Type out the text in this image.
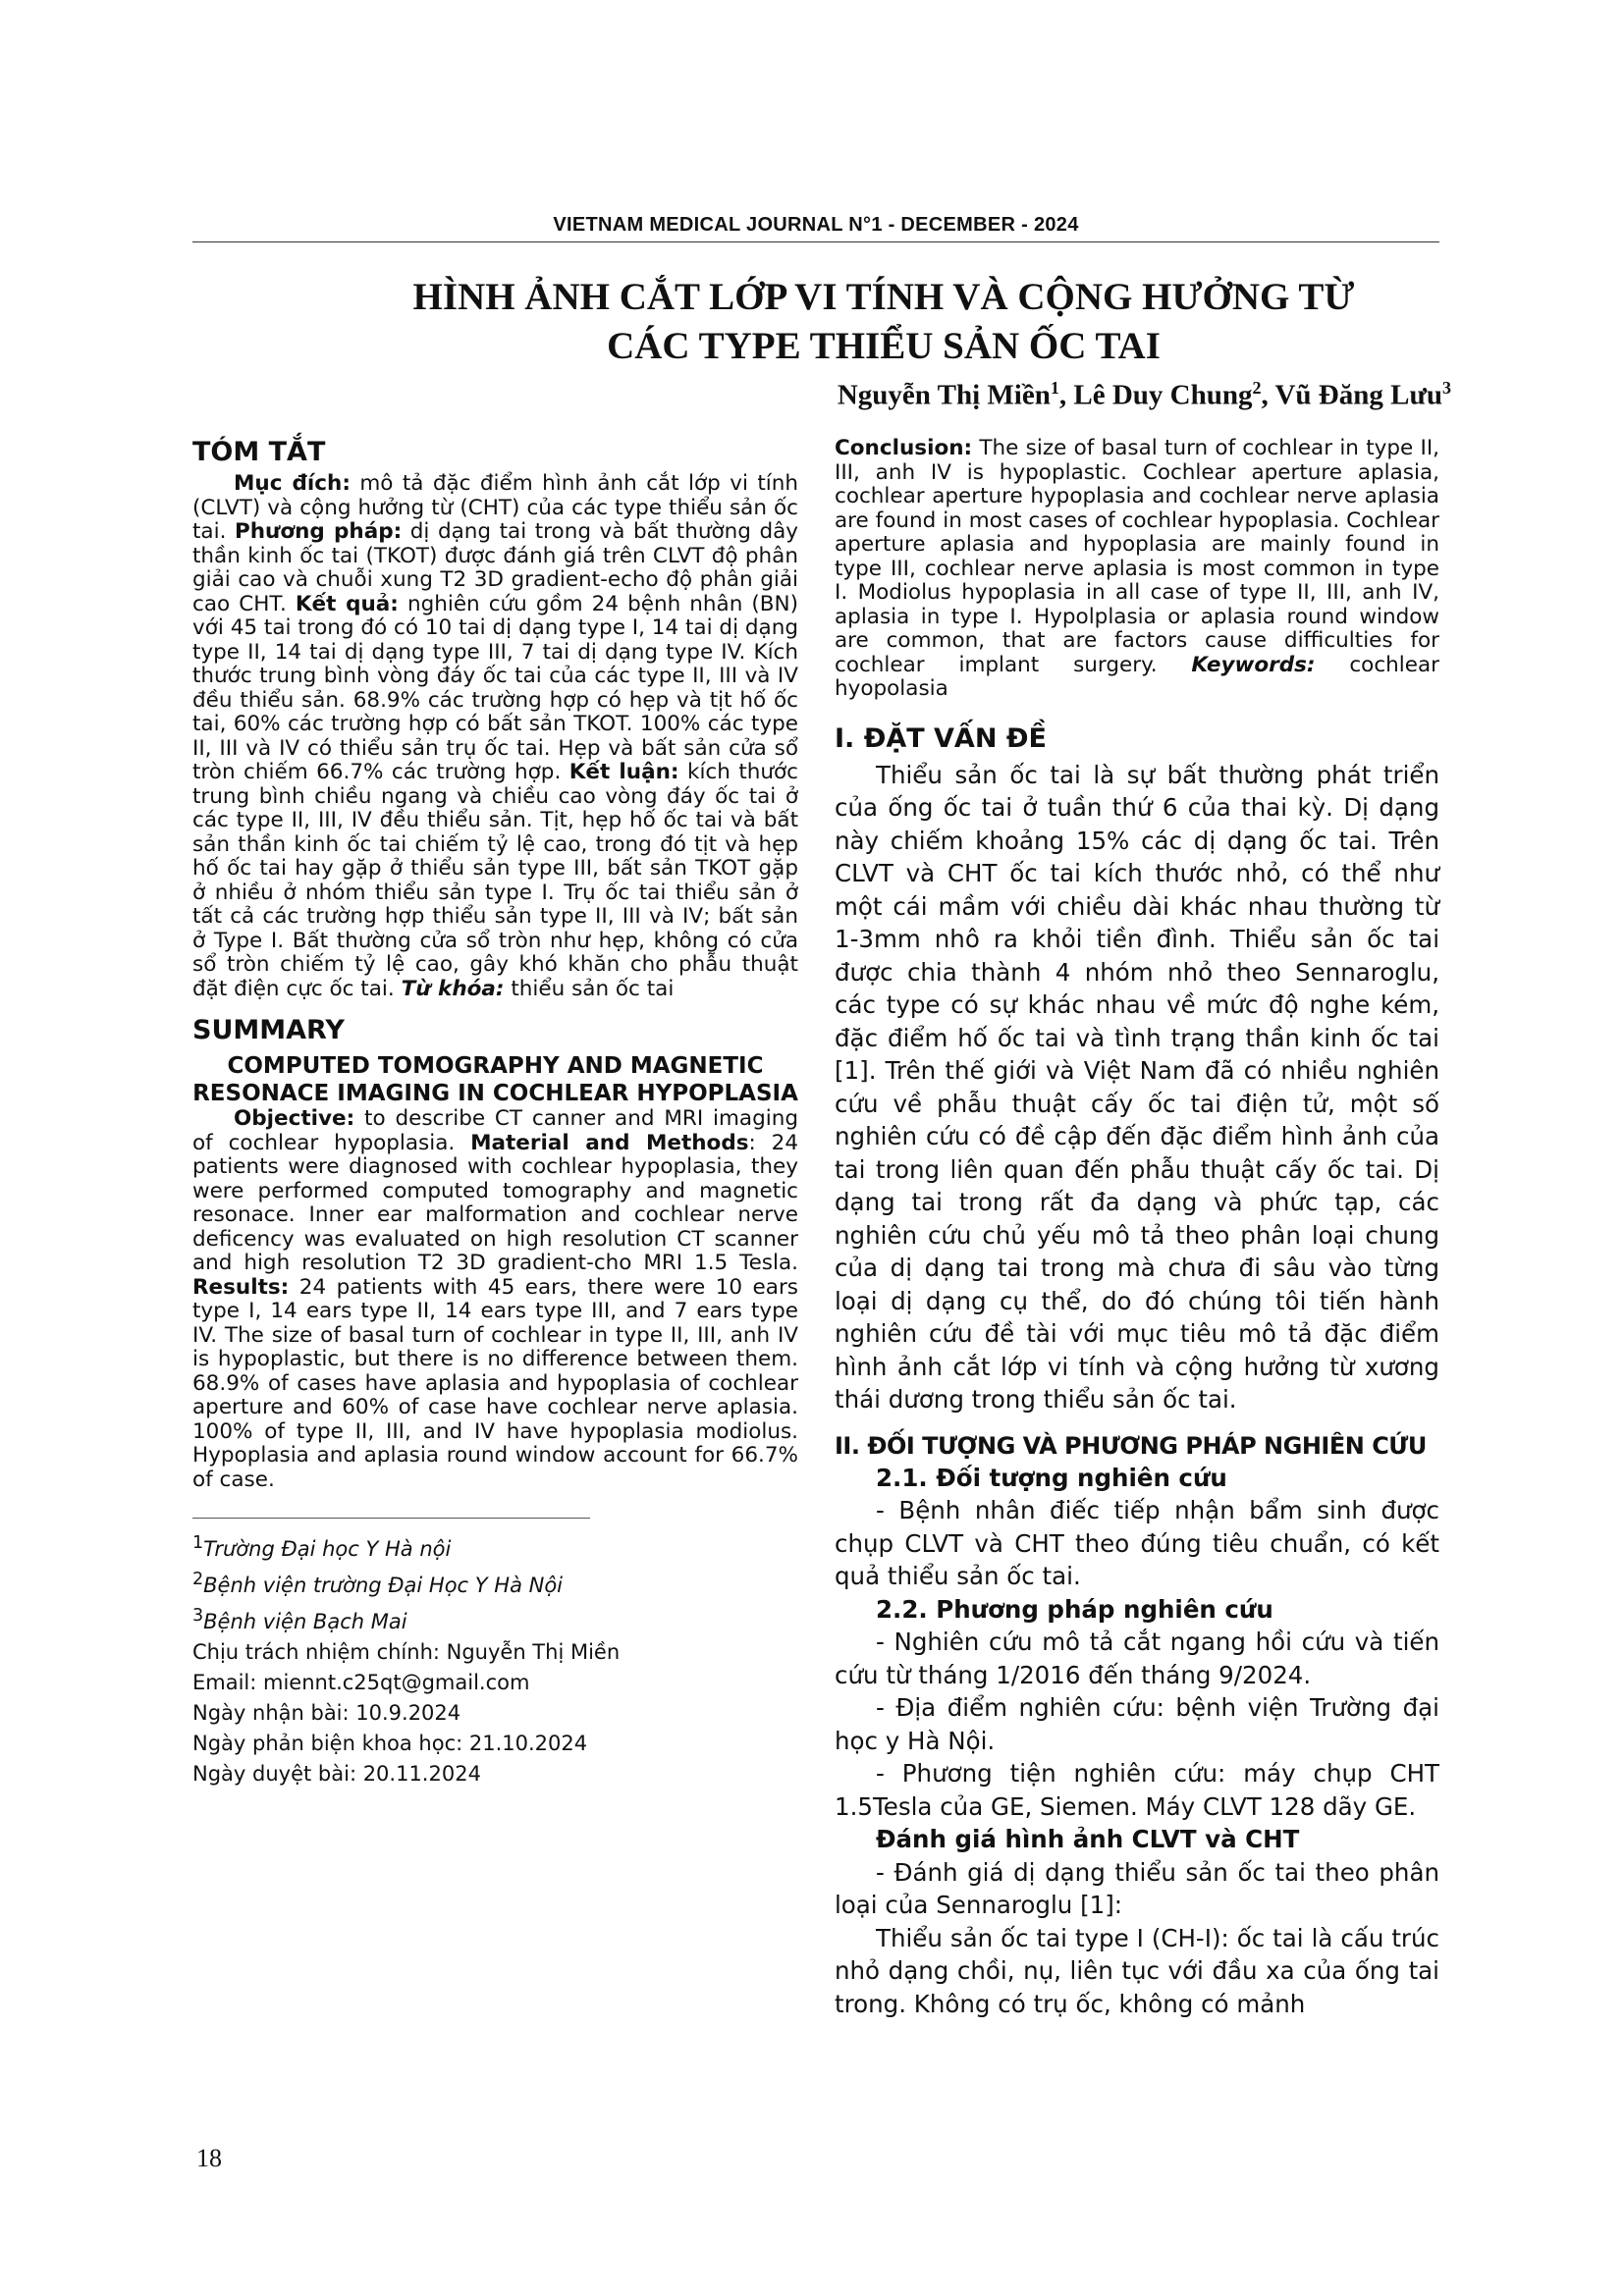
VIETNAM MEDICAL JOURNAL N°1 - DECEMBER - 2024
HÌNH ẢNH CẮT LỚP VI TÍNH VÀ CỘNG HƯỞNG TỪ
CÁC TYPE THIỂU SẢN ỐC TAI
Nguyễn Thị Miền$^1$, Lê Duy Chung$^2$, Vũ Đăng Lưu$^3$

TÓM TẮT

Mục đích: mô tả đặc điểm hình ảnh cắt lớp vi tính (CLVT) và cộng hưởng từ (CHT) của các type thiểu sản ốc tai. Phương pháp: dị dạng tai trong và bất thường dây thần kinh ốc tai (TKOT) được đánh giá trên CLVT độ phân giải cao và chuỗi xung T2 3D gradient-echo độ phân giải cao CHT. Kết quả: nghiên cứu gồm 24 bệnh nhân (BN) với 45 tai trong đó có 10 tai dị dạng type I, 14 tai dị dạng type II, 14 tai dị dạng type III, 7 tai dị dạng type IV. Kích thước trung bình vòng đáy ốc tai của các type II, III và IV đều thiểu sản. 68.9% các trường hợp có hẹp và tịt hố ốc tai, 60% các trường hợp có bất sản TKOT. 100% các type II, III và IV có thiểu sản trụ ốc tai. Hẹp và bất sản cửa sổ tròn chiếm 66.7% các trường hợp. Kết luận: kích thước trung bình chiều ngang và chiều cao vòng đáy ốc tai ở các type II, III, IV đều thiểu sản. Tịt, hẹp hố ốc tai và bất sản thần kinh ốc tai chiếm tỷ lệ cao, trong đó tịt và hẹp hố ốc tai hay gặp ở thiểu sản type III, bất sản TKOT gặp ở nhiều ở nhóm thiểu sản type I. Trụ ốc tai thiểu sản ở tất cả các trường hợp thiểu sản type II, III và IV; bất sản ở Type I. Bất thường cửa sổ tròn như hẹp, không có cửa sổ tròn chiếm tỷ lệ cao, gây khó khăn cho phẫu thuật đặt điện cực ốc tai. Từ khóa: thiểu sản ốc tai

SUMMARY

COMPUTED TOMOGRAPHY AND MAGNETIC RESONACE IMAGING IN COCHLEAR HYPOPLASIA

Objective: to describe CT canner and MRI imaging of cochlear hypoplasia. Material and Methods: 24 patients were diagnosed with cochlear hypoplasia, they were performed computed tomography and magnetic resonace. Inner ear malformation and cochlear nerve deficency was evaluated on high resolution CT scanner and high resolution T2 3D gradient-cho MRI 1.5 Tesla. Results: 24 patients with 45 ears, there were 10 ears type I, 14 ears type II, 14 ears type III, and 7 ears type IV. The size of basal turn of cochlear in type II, III, anh IV is hypoplastic, but there is no difference between them. 68.9% of cases have aplasia and hypoplasia of cochlear aperture and 60% of case have cochlear nerve aplasia. 100% of type II, III, and IV have hypoplasia modiolus. Hypoplasia and aplasia round window account for 66.7% of case.

$^1$Trường Đại học Y Hà nội

$^2$Bệnh viện trường Đại Học Y Hà Nội

$^3$Bệnh viện Bạch Mai

Chịu trách nhiệm chính: Nguyễn Thị Miền

Email: miennt.c25qt@gmail.com

Ngày nhận bài: 10.9.2024

Ngày phản biện khoa học: 21.10.2024

Ngày duyệt bài: 20.11.2024

Conclusion: The size of basal turn of cochlear in type II, III, anh IV is hypoplastic. Cochlear aperture aplasia, cochlear aperture hypoplasia and cochlear nerve aplasia are found in most cases of cochlear hypoplasia. Cochlear aperture aplasia and hypoplasia are mainly found in type III, cochlear nerve aplasia is most common in type I. Modiolus hypoplasia in all case of type II, III, anh IV, aplasia in type I. Hypolplasia or aplasia round window are common, that are factors cause difficulties for cochlear implant surgery. Keywords: cochlear hyopolasia

I. ĐẶT VẤN ĐỀ

Thiểu sản ốc tai là sự bất thường phát triển của ống ốc tai ở tuần thứ 6 của thai kỳ. Dị dạng này chiếm khoảng 15% các dị dạng ốc tai. Trên CLVT và CHT ốc tai kích thước nhỏ, có thể như một cái mầm với chiều dài khác nhau thường từ 1-3mm nhô ra khỏi tiền đình. Thiểu sản ốc tai được chia thành 4 nhóm nhỏ theo Sennaroglu, các type có sự khác nhau về mức độ nghe kém, đặc điểm hố ốc tai và tình trạng thần kinh ốc tai [1]. Trên thế giới và Việt Nam đã có nhiều nghiên cứu về phẫu thuật cấy ốc tai điện tử, một số nghiên cứu có đề cập đến đặc điểm hình ảnh của tai trong liên quan đến phẫu thuật cấy ốc tai. Dị dạng tai trong rất đa dạng và phức tạp, các nghiên cứu chủ yếu mô tả theo phân loại chung của dị dạng tai trong mà chưa đi sâu vào từng loại dị dạng cụ thể, do đó chúng tôi tiến hành nghiên cứu đề tài với mục tiêu mô tả đặc điểm hình ảnh cắt lớp vi tính và cộng hưởng từ xương thái dương trong thiểu sản ốc tai.

II. ĐỐI TƯỢNG VÀ PHƯƠNG PHÁP NGHIÊN CỨU

2.1. Đối tượng nghiên cứu

- Bệnh nhân điếc tiếp nhận bẩm sinh được chụp CLVT và CHT theo đúng tiêu chuẩn, có kết quả thiểu sản ốc tai.

2.2. Phương pháp nghiên cứu

- Nghiên cứu mô tả cắt ngang hồi cứu và tiến cứu từ tháng 1/2016 đến tháng 9/2024.

- Địa điểm nghiên cứu: bệnh viện Trường đại học y Hà Nội.

- Phương tiện nghiên cứu: máy chụp CHT 1.5Tesla của GE, Siemen. Máy CLVT 128 dãy GE.

Đánh giá hình ảnh CLVT và CHT

- Đánh giá dị dạng thiểu sản ốc tai theo phân loại của Sennaroglu [1]:

Thiểu sản ốc tai type I (CH-I): ốc tai là cấu trúc nhỏ dạng chồi, nụ, liên tục với đầu xa của ống tai trong. Không có trụ ốc, không có mảnh

18
